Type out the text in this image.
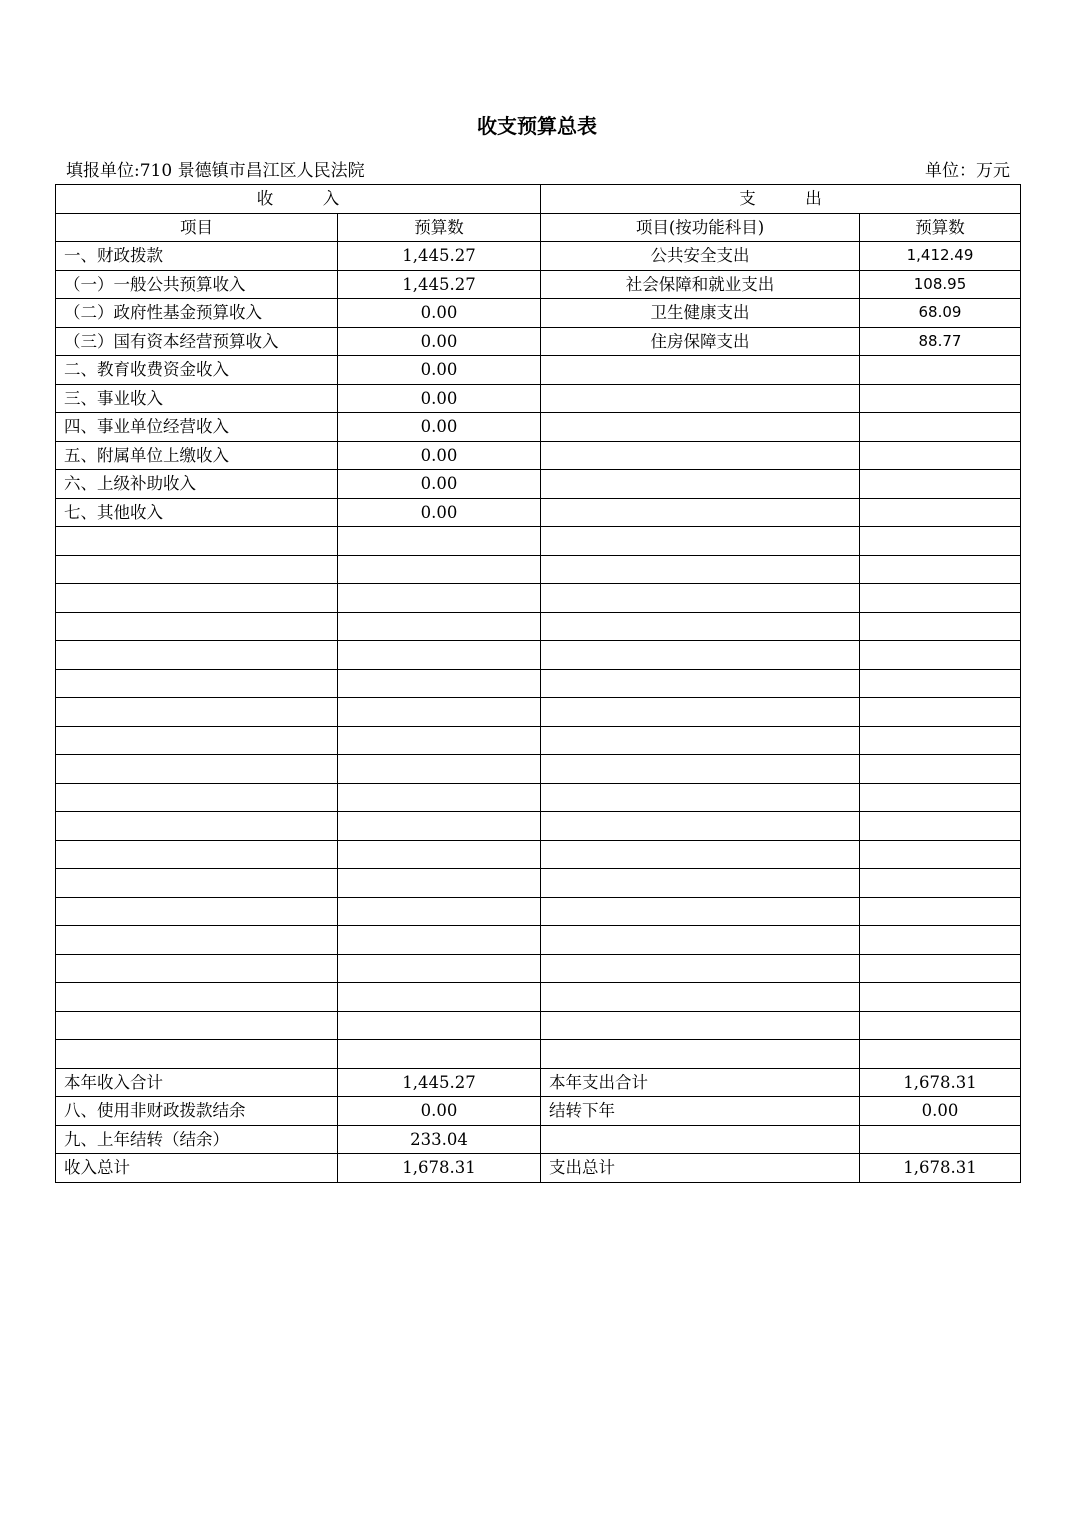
收支预算总表
填报单位:710 景德镇市昌江区人民法院	单位：万元
收　　　入		支　　　出	
项目	预算数	项目(按功能科目)	预算数
一、财政拨款	1,445.27	公共安全支出	1,412.49
（一）一般公共预算收入	1,445.27	社会保障和就业支出	108.95
（二）政府性基金预算收入	0.00	卫生健康支出	68.09
（三）国有资本经营预算收入	0.00	住房保障支出	88.77
二、教育收费资金收入	0.00		
三、事业收入	0.00		
四、事业单位经营收入	0.00		
五、附属单位上缴收入	0.00		
六、上级补助收入	0.00		
七、其他收入	0.00		

本年收入合计	1,445.27	本年支出合计	1,678.31
八、使用非财政拨款结余	0.00	结转下年	0.00
九、上年结转（结余）	233.04		
收入总计	1,678.31	支出总计	1,678.31
